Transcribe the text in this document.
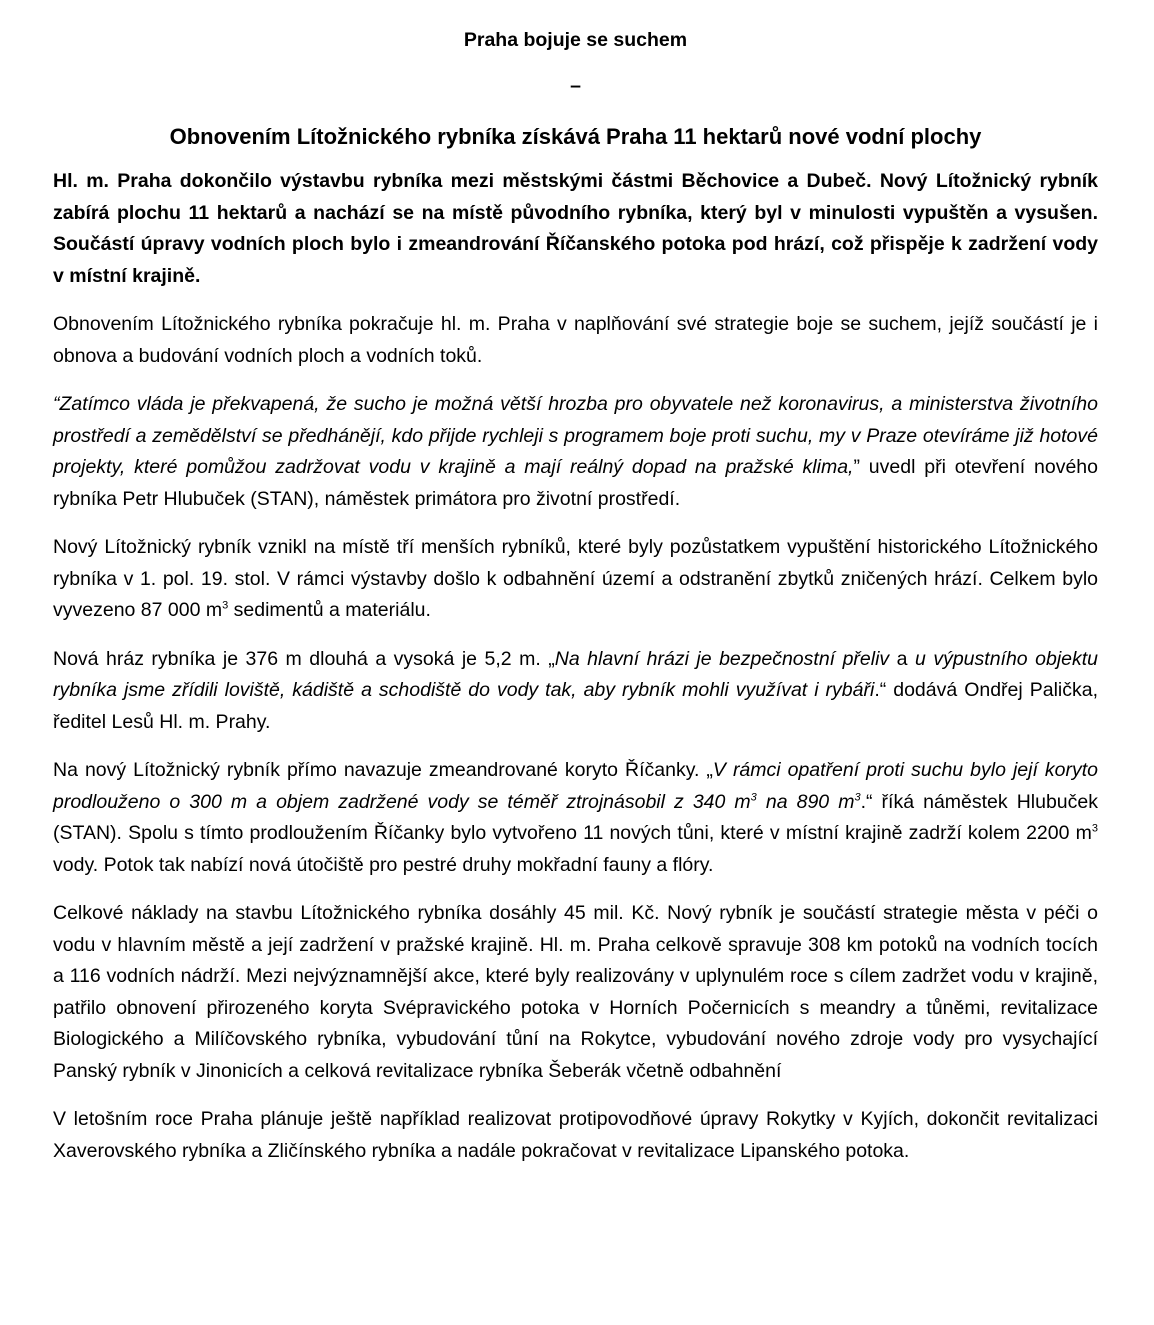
Praha bojuje se suchem
–
Obnovením Lítožnického rybníka získává Praha 11 hektarů nové vodní plochy

Hl. m. Praha dokončilo výstavbu rybníka mezi městskými částmi Běchovice a Dubeč. Nový Lítožnický rybník zabírá plochu 11 hektarů a nachází se na místě původního rybníka, který byl v minulosti vypuštěn a vysušen. Součástí úpravy vodních ploch bylo i zmeandrování Říčanského potoka pod hrází, což přispěje k zadržení vody v místní krajině.

Obnovením Lítožnického rybníka pokračuje hl. m. Praha v naplňování své strategie boje se suchem, jejíž součástí je i obnova a budování vodních ploch a vodních toků.

“Zatímco vláda je překvapená, že sucho je možná větší hrozba pro obyvatele než koronavirus, a ministerstva životního prostředí a zemědělství se předhánějí, kdo přijde rychleji s programem boje proti suchu, my v Praze otevíráme již hotové projekty, které pomůžou zadržovat vodu v krajině a mají reálný dopad na pražské klima,” uvedl při otevření nového rybníka Petr Hlubuček (STAN), náměstek primátora pro životní prostředí.

Nový Lítožnický rybník vznikl na místě tří menších rybníků, které byly pozůstatkem vypuštění historického Lítožnického rybníka v 1. pol. 19. stol. V rámci výstavby došlo k odbahnění území a odstranění zbytků zničených hrází. Celkem bylo vyvezeno 87 000 $m^3$ sedimentů a materiálu.

Nová hráz rybníka je 376 m dlouhá a vysoká je 5,2 m. „Na hlavní hrázi je bezpečnostní přeliv a u výpustního objektu rybníka jsme zřídili loviště, kádiště a schodiště do vody tak, aby rybník mohli využívat i rybáři.“ dodává Ondřej Palička, ředitel Lesů Hl. m. Prahy.

Na nový Lítožnický rybník přímo navazuje zmeandrované koryto Říčanky. „V rámci opatření proti suchu bylo její koryto prodlouženo o 300 m a objem zadržené vody se téměř ztrojnásobil z 340 $m^3$ na 890 $m^3.“$ říká náměstek Hlubuček (STAN). Spolu s tímto prodloužením Říčanky bylo vytvořeno 11 nových tůni, které v místní krajině zadrží kolem 2200 $m^3$ vody. Potok tak nabízí nová útočiště pro pestré druhy mokřadní fauny a flóry.

Celkové náklady na stavbu Lítožnického rybníka dosáhly 45 mil. Kč. Nový rybník je součástí strategie města v péči o vodu v hlavním městě a její zadržení v pražské krajině. Hl. m. Praha celkově spravuje 308 km potoků na vodních tocích a 116 vodních nádrží. Mezi nejvýznamnější akce, které byly realizovány v uplynulém roce s cílem zadržet vodu v krajině, patřilo obnovení přirozeného koryta Svépravického potoka v Horních Počernicích s meandry a tůněmi, revitalizace Biologického a Milíčovského rybníka, vybudování tůní na Rokytce, vybudování nového zdroje vody pro vysychající Panský rybník v Jinonicích a celková revitalizace rybníka Šeberák včetně odbahnění

V letošním roce Praha plánuje ještě například realizovat protipovodňové úpravy Rokytky v Kyjích, dokončit revitalizaci Xaverovského rybníka a Zličínského rybníka a nadále pokračovat v revitalizace Lipanského potoka.
